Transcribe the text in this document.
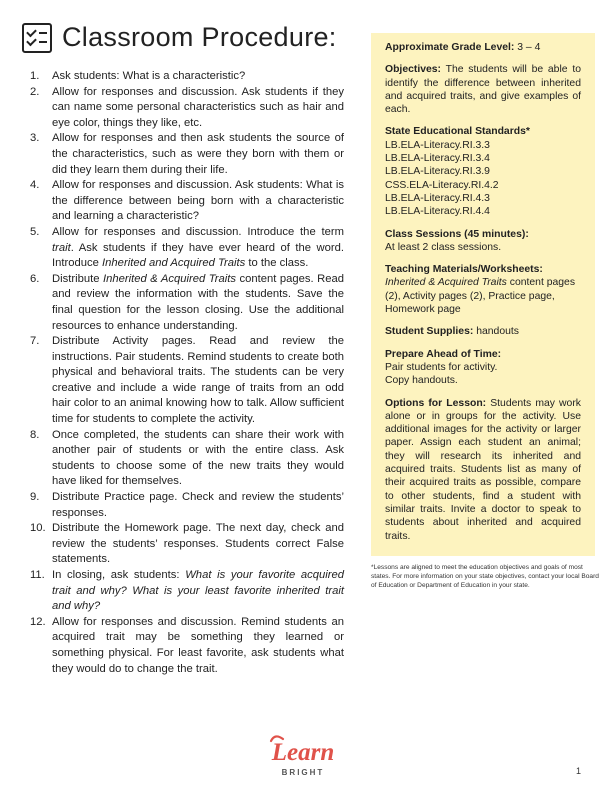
Classroom Procedure:
1.	Ask students: What is a characteristic?
2.	Allow for responses and discussion. Ask students if they can name some personal characteristics such as hair and eye color, things they like, etc.
3.	Allow for responses and then ask students the source of the characteristics, such as were they born with them or did they learn them during their life.
4.	Allow for responses and discussion. Ask students: What is the difference between being born with a characteristic and learning a characteristic?
5.	Allow for responses and discussion. Introduce the term trait. Ask students if they have ever heard of the word. Introduce Inherited and Acquired Traits to the class.
6.	Distribute Inherited & Acquired Traits content pages. Read and review the information with the students. Save the final question for the lesson closing. Use the additional resources to enhance understanding.
7.	Distribute Activity pages. Read and review the instructions. Pair students. Remind students to create both physical and behavioral traits. The students can be very creative and include a wide range of traits from an odd hair color to an animal knowing how to talk. Allow sufficient time for students to complete the activity.
8.	Once completed, the students can share their work with another pair of students or with the entire class. Ask students to choose some of the new traits they would have liked for themselves.
9.	Distribute Practice page. Check and review the students’ responses.
10. Distribute the Homework page. The next day, check and review the students’ responses. Students correct False statements.
11. In closing, ask students: What is your favorite acquired trait and why? What is your least favorite inherited trait and why?
12. Allow for responses and discussion. Remind students an acquired trait may be something they learned or something physical. For least favorite, ask students what they would do to change the trait.
Approximate Grade Level: 3 – 4
Objectives: The students will be able to identify the difference between inherited and acquired traits, and give examples of each.
State Educational Standards*
LB.ELA-Literacy.RI.3.3
LB.ELA-Literacy.RI.3.4
LB.ELA-Literacy.RI.3.9
CSS.ELA-Literacy.RI.4.2
LB.ELA-Literacy.RI.4.3
LB.ELA-Literacy.RI.4.4
Class Sessions (45 minutes):
At least 2 class sessions.
Teaching Materials/Worksheets:
Inherited & Acquired Traits content pages (2), Activity pages (2), Practice page, Homework page
Student Supplies: handouts
Prepare Ahead of Time:
Pair students for activity.
Copy handouts.
Options for Lesson: Students may work alone or in groups for the activity. Use additional images for the activity or larger paper. Assign each student an animal; they will research its inherited and acquired traits. Students list as many of their acquired traits as possible, compare to other students, find a student with similar traits. Invite a doctor to speak to students about inherited and acquired traits.
*Lessons are aligned to meet the education objectives and goals of most states. For more information on your state objectives, contact your local Board of Education or Department of Education in your state.
Learn
BRIGHT	1
